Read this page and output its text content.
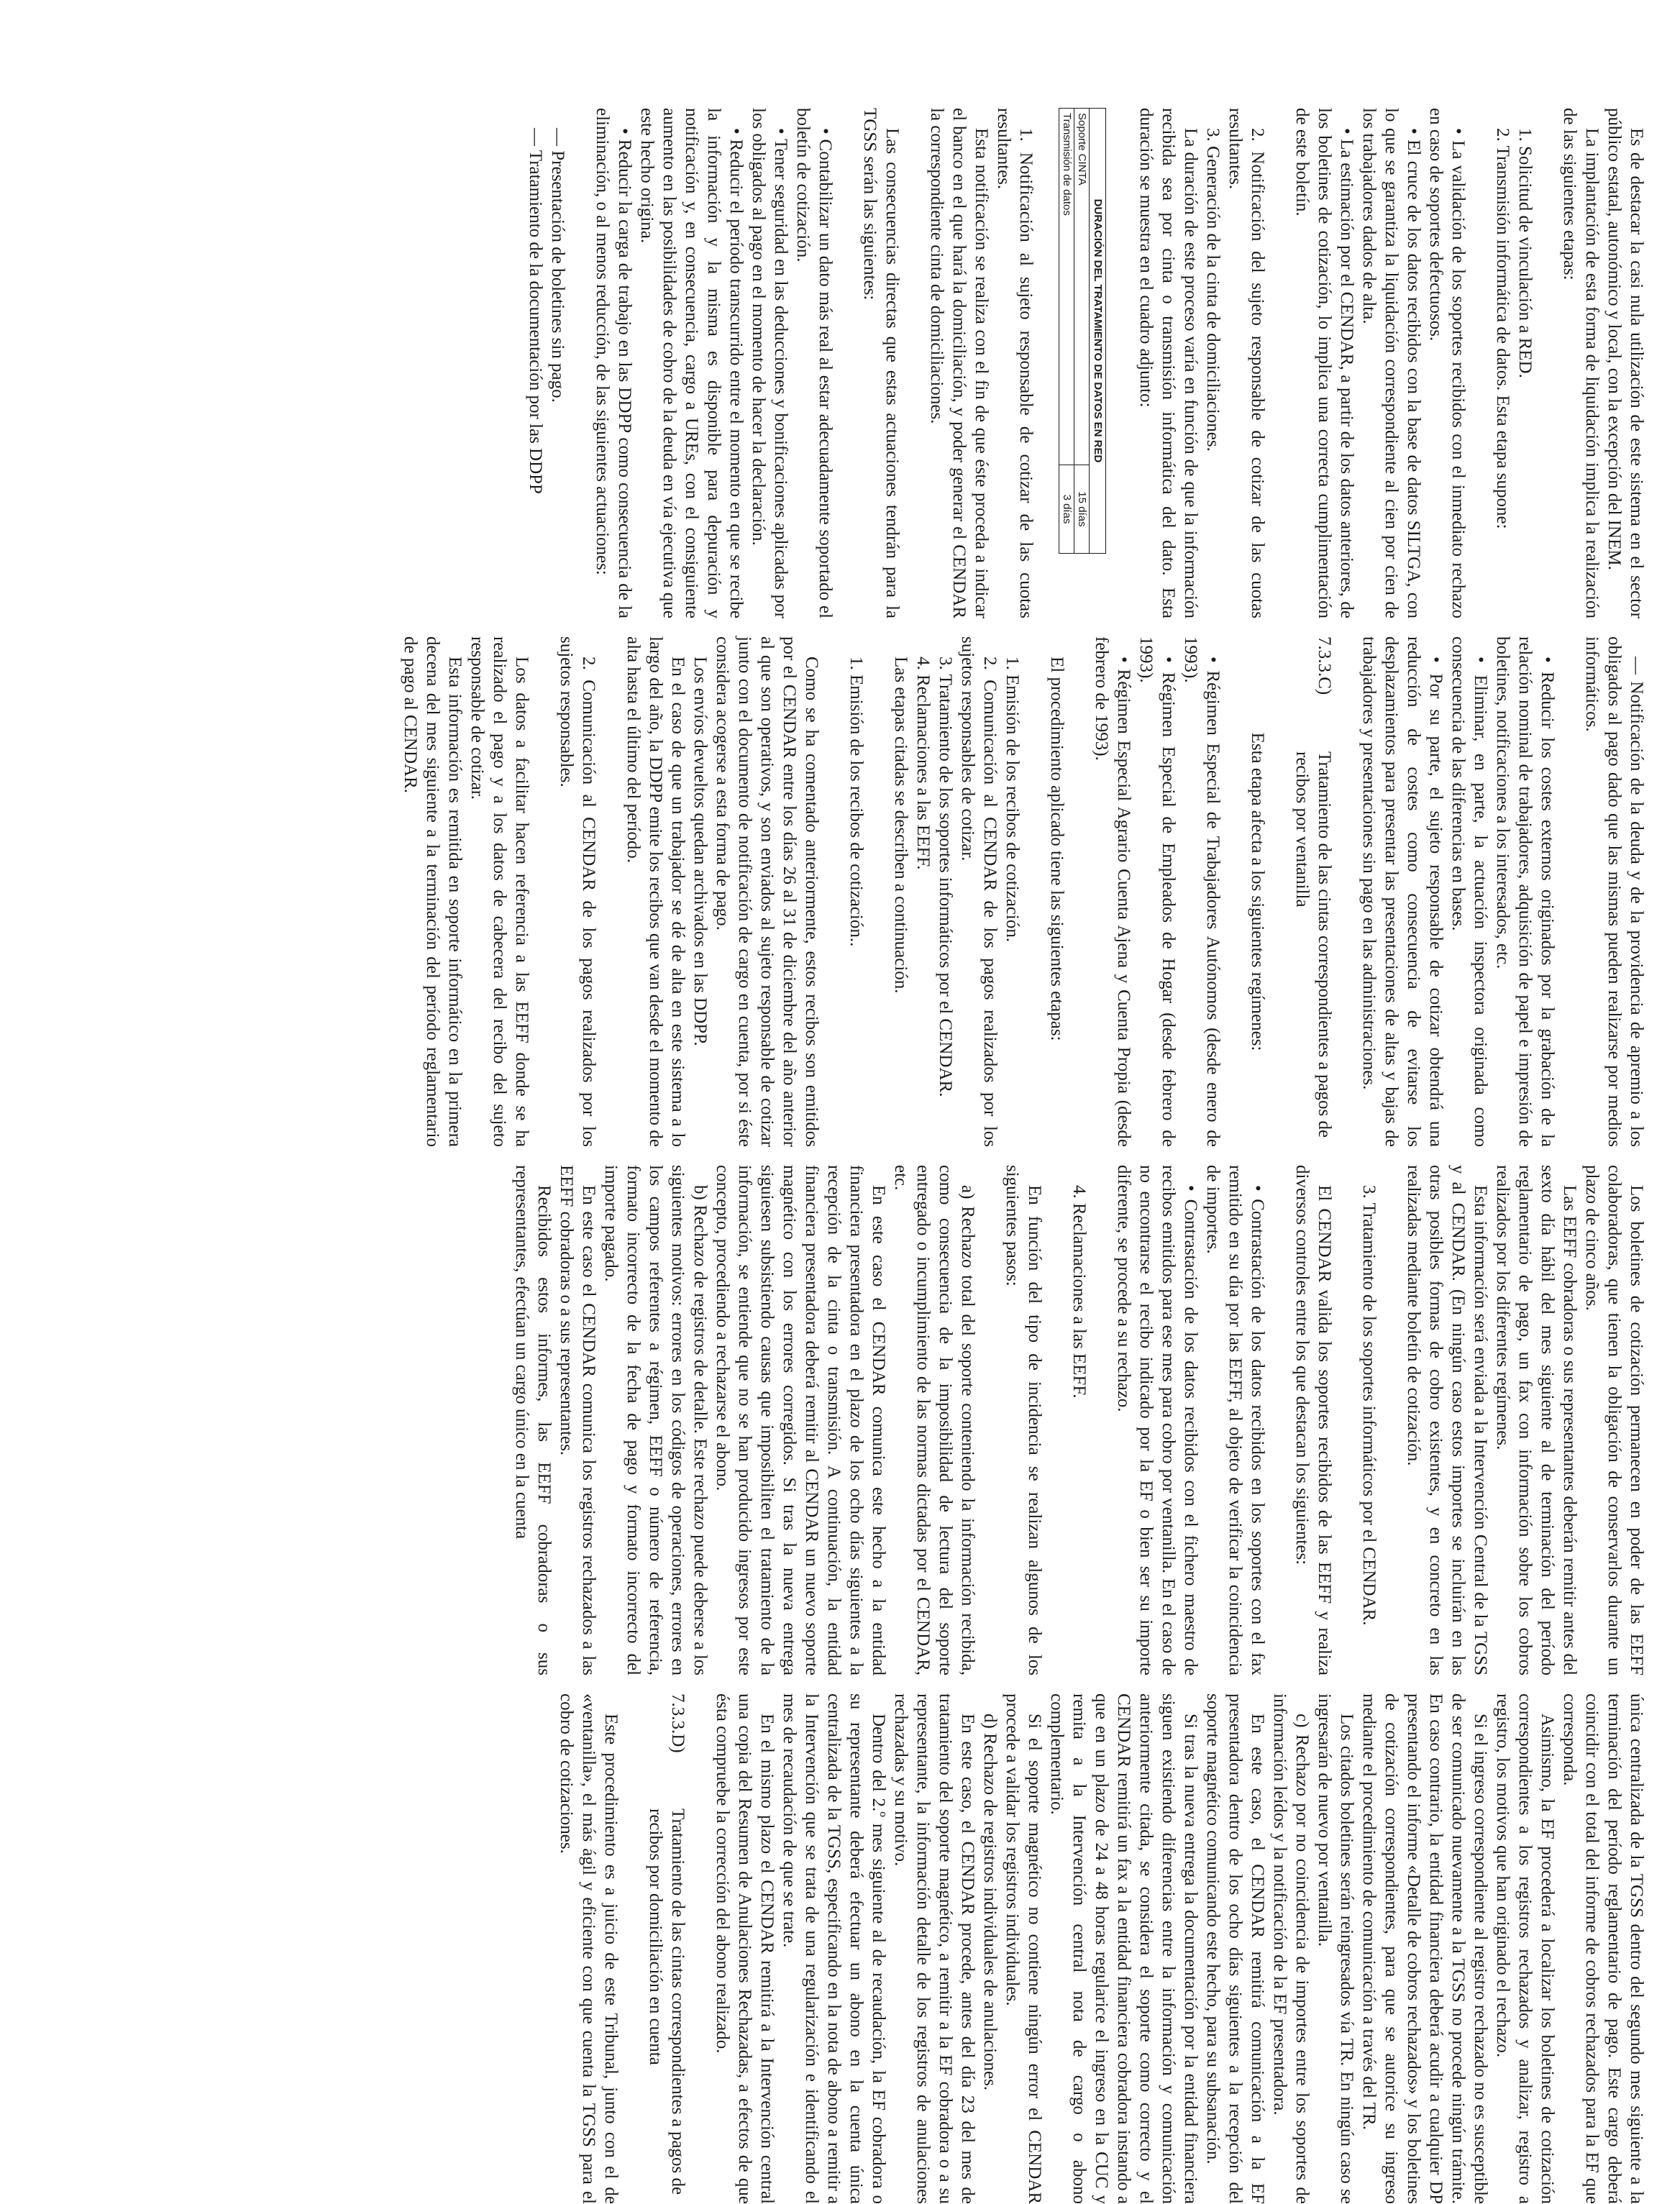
Es de destacar la casi nula utilización de este sistema en el sector público estatal, autonómico y local, con la excepción del INEM.

La implantación de esta forma de liquidación implica la realización de las siguientes etapas:

1. Solicitud de vinculación a RED.

2. Transmisión informática de datos. Esta etapa supone:

• La validación de los soportes recibidos con el inmediato rechazo en caso de soportes defectuosos.

• El cruce de los datos recibidos con la base de datos SILTGA, con lo que se garantiza la liquidación correspondiente al cien por cien de los trabajadores dados de alta.

• La estimación por el CENDAR, a partir de los datos anteriores, de los boletines de cotización, lo implica una correcta cumplimentación de este boletín.

2. Notificación del sujeto responsable de cotizar de las cuotas resultantes.

3. Generación de la cinta de domiciliaciones.

La duración de este proceso varía en función de que la información recibida sea por cinta o transmisión informática del dato. Esta duración se muestra en el cuadro adjunto:

DURACIÓN DEL TRATAMIENTO DE DATOS EN RED	
Soporte CINTA	15 días
Transmisión de datos	3 días

1. Notificación al sujeto responsable de cotizar de las cuotas resultantes.

Esta notificación se realiza con el fin de que éste proceda a indicar el banco en el que hará la domiciliación, y poder generar el CENDAR la correspondiente cinta de domiciliaciones.

Las consecuencias directas que estas actuaciones tendrán para la TGSS serán las siguientes:

• Contabilizar un dato más real al estar adecuadamente soportado el boletín de cotización.

• Tener seguridad en las deducciones y bonificaciones aplicadas por los obligados al pago en el momento de hacer la declaración.

• Reducir el período transcurrido entre el momento en que se recibe la información y la misma es disponible para depuración y notificación y, en consecuencia, cargo a UREs, con el consiguiente aumento en las posibilidades de cobro de la deuda en vía ejecutiva que este hecho origina.

• Reducir la carga de trabajo en las DDPP como consecuencia de la eliminación, o al menos reducción, de las siguientes actuaciones:

— Presentación de boletines sin pago.

— Tratamiento de la documentación por las DDPP

— Notificación de la deuda y de la providencia de apremio a los obligados al pago dado que las mismas pueden realizarse por medios informáticos.

• Reducir los costes externos originados por la grabación de la relación nominal de trabajadores, adquisición de papel e impresión de boletines, notificaciones a los interesados, etc.

• Eliminar, en parte, la actuación inspectora originada como consecuencia de las diferencias en bases.

• Por su parte, el sujeto responsable de cotizar obtendrá una reducción de costes como consecuencia de evitarse los desplazamientos para presentar las presentaciones de altas y bajas de trabajadores y presentaciones sin pago en las administraciones.

7.3.3.C)
Tratamiento de las cintas correspondientes a pagos de recibos por ventanilla

Esta etapa afecta a los siguientes regímenes:

• Régimen Especial de Trabajadores Autónomos (desde enero de 1993).

• Régimen Especial de Empleados de Hogar (desde febrero de 1993).

• Régimen Especial Agrario Cuenta Ajena y Cuenta Propia (desde febrero de 1993).

El procedimiento aplicado tiene las siguientes etapas:

1. Emisión de los recibos de cotización.

2. Comunicación al CENDAR de los pagos realizados por los sujetos responsables de cotizar.

3. Tratamiento de los soportes informáticos por el CENDAR.

4. Reclamaciones a las EEFF.

Las etapas citadas se describen a continuación.

1. Emisión de los recibos de cotización..

Como se ha comentado anteriormente, estos recibos son emitidos por el CENDAR entre los días 26 al 31 de diciembre del año anterior al que son operativos, y son enviados al sujeto responsable de cotizar junto con el documento de notificación de cargo en cuenta, por si éste considera acogerse a esta forma de pago.

Los envíos devueltos quedan archivados en las DDPP.

En el caso de que un trabajador se dé de alta en este sistema a lo largo del año, la DDPP emite los recibos que van desde el momento de alta hasta el último del período.

2. Comunicación al CENDAR de los pagos realizados por los sujetos responsables.

Los datos a facilitar hacen referencia a las EEFF donde se ha realizado el pago y a los datos de cabecera del recibo del sujeto responsable de cotizar.

Esta información es remitida en soporte informático en la primera decena del mes siguiente a la terminación del período reglamentario de pago al CENDAR.

Los boletines de cotización permanecen en poder de las EEFF colaboradoras, que tienen la obligación de conservarlos durante un plazo de cinco años.

Las EEFF cobradoras o sus representantes deberán remitir antes del sexto día hábil del mes siguiente al de terminación del período reglamentario de pago, un fax con información sobre los cobros realizados por los diferentes regímenes.

Esta información será enviada a la Intervención Central de la TGSS y al CENDAR. (En ningún caso estos importes se incluirán en las otras posibles formas de cobro existentes, y en concreto en las realizadas mediante boletín de cotización.

3. Tratamiento de los soportes informáticos por el CENDAR.

El CENDAR valida los soportes recibidos de las EEFF y realiza diversos controles entre los que destacan los siguientes:

• Contrastación de los datos recibidos en los soportes con el fax remitido en su día por las EEFF, al objeto de verificar la coincidencia de importes.

• Contrastación de los datos recibidos con el fichero maestro de recibos emitidos para ese mes para cobro por ventanilla. En el caso de no encontrarse el recibo indicado por la EF o bien ser su importe diferente, se procede a su rechazo.

4. Reclamaciones a las EEFF.

En función del tipo de incidencia se realizan algunos de los siguientes pasos:

a) Rechazo total del soporte conteniendo la información recibida, como consecuencia de la imposibilidad de lectura del soporte entregado o incumplimiento de las normas dictadas por el CENDAR, etc.

En este caso el CENDAR comunica este hecho a la entidad financiera presentadora en el plazo de los ocho días siguientes a la recepción de la cinta o transmisión. A continuación, la entidad financiera presentadora deberá remitir al CENDAR un nuevo soporte magnético con los errores corregidos. Si tras la nueva entrega siguiesen subsistiendo causas que imposibiliten el tratamiento de la información, se entiende que no se han producido ingresos por este concepto, procediendo a rechazarse el abono.

b) Rechazo de registros de detalle. Este rechazo puede deberse a los siguientes motivos: errores en los códigos de operaciones, errores en los campos referentes a régimen, EEFF o número de referencia, formato incorrecto de la fecha de pago y formato incorrecto del importe pagado.

En este caso el CENDAR comunica los registros rechazados a las EEFF cobradoras o a sus representantes.

Recibidos estos informes, las EEFF cobradoras o sus representantes, efectúan un cargo único en la cuenta

única centralizada de la TGSS dentro del segundo mes siguiente a la terminación del período reglamentario de pago. Este cargo deberá coincidir con el total del informe de cobros rechazados para la EF que corresponda.

Asimismo, la EF procederá a localizar los boletines de cotización correspondientes a los registros rechazados y analizar, registro a registro, los motivos que han originado el rechazo.

Si el ingreso correspondiente al registro rechazado no es susceptible de ser comunicado nuevamente a la TGSS no procede ningún trámite. En caso contrario, la entidad financiera deberá acudir a cualquier DP presentando el informe «Detalle de cobros rechazados» y los boletines de cotización correspondientes, para que se autorice su ingreso mediante el procedimiento de comunicación a través del TR.

Los citados boletines serán reingresados vía TR. En ningún caso se ingresarán de nuevo por ventanilla.

c) Rechazo por no coincidencia de importes entre los soportes de información leídos y la notificación de la EF presentadora.

En este caso, el CENDAR remitirá comunicación a la EF presentadora dentro de los ocho días siguientes a la recepción del soporte magnético comunicando este hecho, para su subsanación.

Si tras la nueva entrega la documentación por la entidad financiera siguen existiendo diferencias entre la información y comunicación anteriormente citada, se considera el soporte como correcto y el CENDAR remitirá un fax a la entidad financiera cobradora instando a que en un plazo de 24 a 48 horas regularice el ingreso en la CUC y remita a la Intervención central nota de cargo o abono complementario.

Si el soporte magnético no contiene ningún error el CENDAR procede a validar los registros individuales.

d) Rechazo de registros individuales de anulaciones.

En este caso, el CENDAR procede, antes del día 23 del mes de tratamiento del soporte magnético, a remitir a la EF cobradora o a su representante, la información detalle de los registros de anulaciones rechazadas y su motivo.

Dentro del 2.º mes siguiente al de recaudación, la EF cobradora o su representante deberá efectuar un abono en la cuenta única centralizada de la TGSS, especificando en la nota de abono a remitir a la Intervención que se trata de una regularización e identificando el mes de recaudación de que se trate.

En el mismo plazo el CENDAR remitirá a la Intervención central una copia del Resumen de Anulaciones Rechazadas, a efectos de que ésta compruebe la corrección del abono realizado.

7.3.3.D)
Tratamiento de las cintas correspondientes a pagos de recibos por domiciliación en cuenta

Este procedimiento es a juicio de este Tribunal, junto con el de «ventanilla», el más ágil y eficiente con que cuenta la TGSS para el cobro de cotizaciones.
